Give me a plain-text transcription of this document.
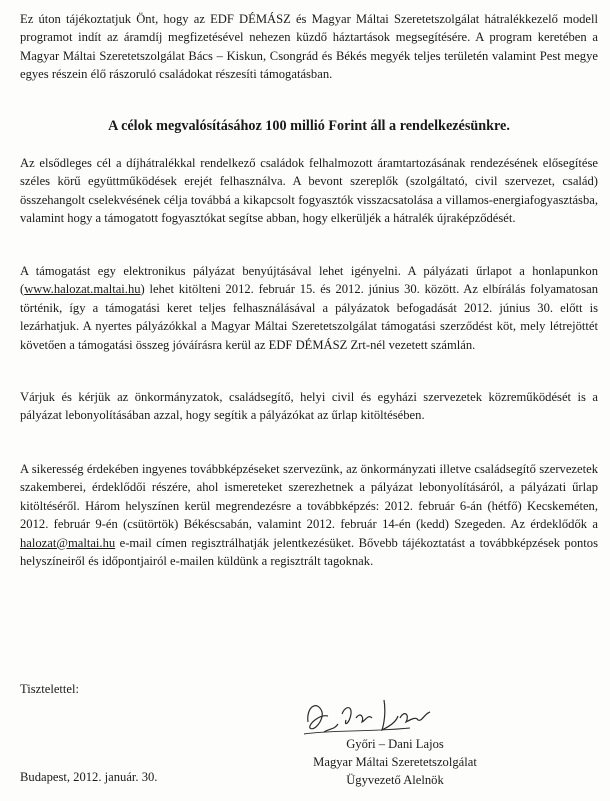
Ez úton tájékoztatjuk Önt, hogy az EDF DÉMÁSZ és Magyar Máltai Szeretetszolgálat hátralékkezelő modell programot indít az áramdíj megfizetésével nehezen küzdő háztartások megsegítésére. A program keretében a Magyar Máltai Szeretetszolgálat Bács – Kiskun, Csongrád és Békés megyék teljes területén valamint Pest megye egyes részein élő rászoruló családokat részesíti támogatásban.

A célok megvalósításához 100 millió Forint áll a rendelkezésünkre.

Az elsődleges cél a díjhátralékkal rendelkező családok felhalmozott áramtartozásának rendezésének elősegítése széles körű együttműködések erejét felhasználva. A bevont szereplők (szolgáltató, civil szervezet, család) összehangolt cselekvésének célja továbbá a kikapcsolt fogyasztók visszacsatolása a villamos-energiafogyasztásba, valamint hogy a támogatott fogyasztókat segítse abban, hogy elkerüljék a hátralék újraképződését.

A támogatást egy elektronikus pályázat benyújtásával lehet igényelni. A pályázati űrlapot a honlapunkon (www.halozat.maltai.hu) lehet kitölteni 2012. február 15. és 2012. június 30. között. Az elbírálás folyamatosan történik, így a támogatási keret teljes felhasználásával a pályázatok befogadását 2012. június 30. előtt is lezárhatjuk. A nyertes pályázókkal a Magyar Máltai Szeretetszolgálat támogatási szerződést köt, mely létrejöttét követően a támogatási összeg jóváírásra kerül az EDF DÉMÁSZ Zrt-nél vezetett számlán.

Várjuk és kérjük az önkormányzatok, családsegítő, helyi civil és egyházi szervezetek közreműködését is a pályázat lebonyolításában azzal, hogy segítik a pályázókat az űrlap kitöltésében.

A sikeresség érdekében ingyenes továbbképzéseket szervezünk, az önkormányzati illetve családsegítő szervezetek szakemberei, érdeklődői részére, ahol ismereteket szerezhetnek a pályázat lebonyolításáról, a pályázati űrlap kitöltéséről. Három helyszínen kerül megrendezésre a továbbképzés: 2012. február 6-án (hétfő) Kecskeméten, 2012. február 9-én (csütörtök) Békéscsabán, valamint 2012. február 14-én (kedd) Szegeden. Az érdeklődők a halozat@maltai.hu e-mail címen regisztrálhatják jelentkezésüket. Bővebb tájékoztatást a továbbképzések pontos helyszíneiről és időpontjairól e-mailen küldünk a regisztrált tagoknak.

Tisztelettel:

Győri – Dani Lajos
Magyar Máltai Szeretetszolgálat
Ügyvezető Alelnök

Budapest, 2012. január. 30.
